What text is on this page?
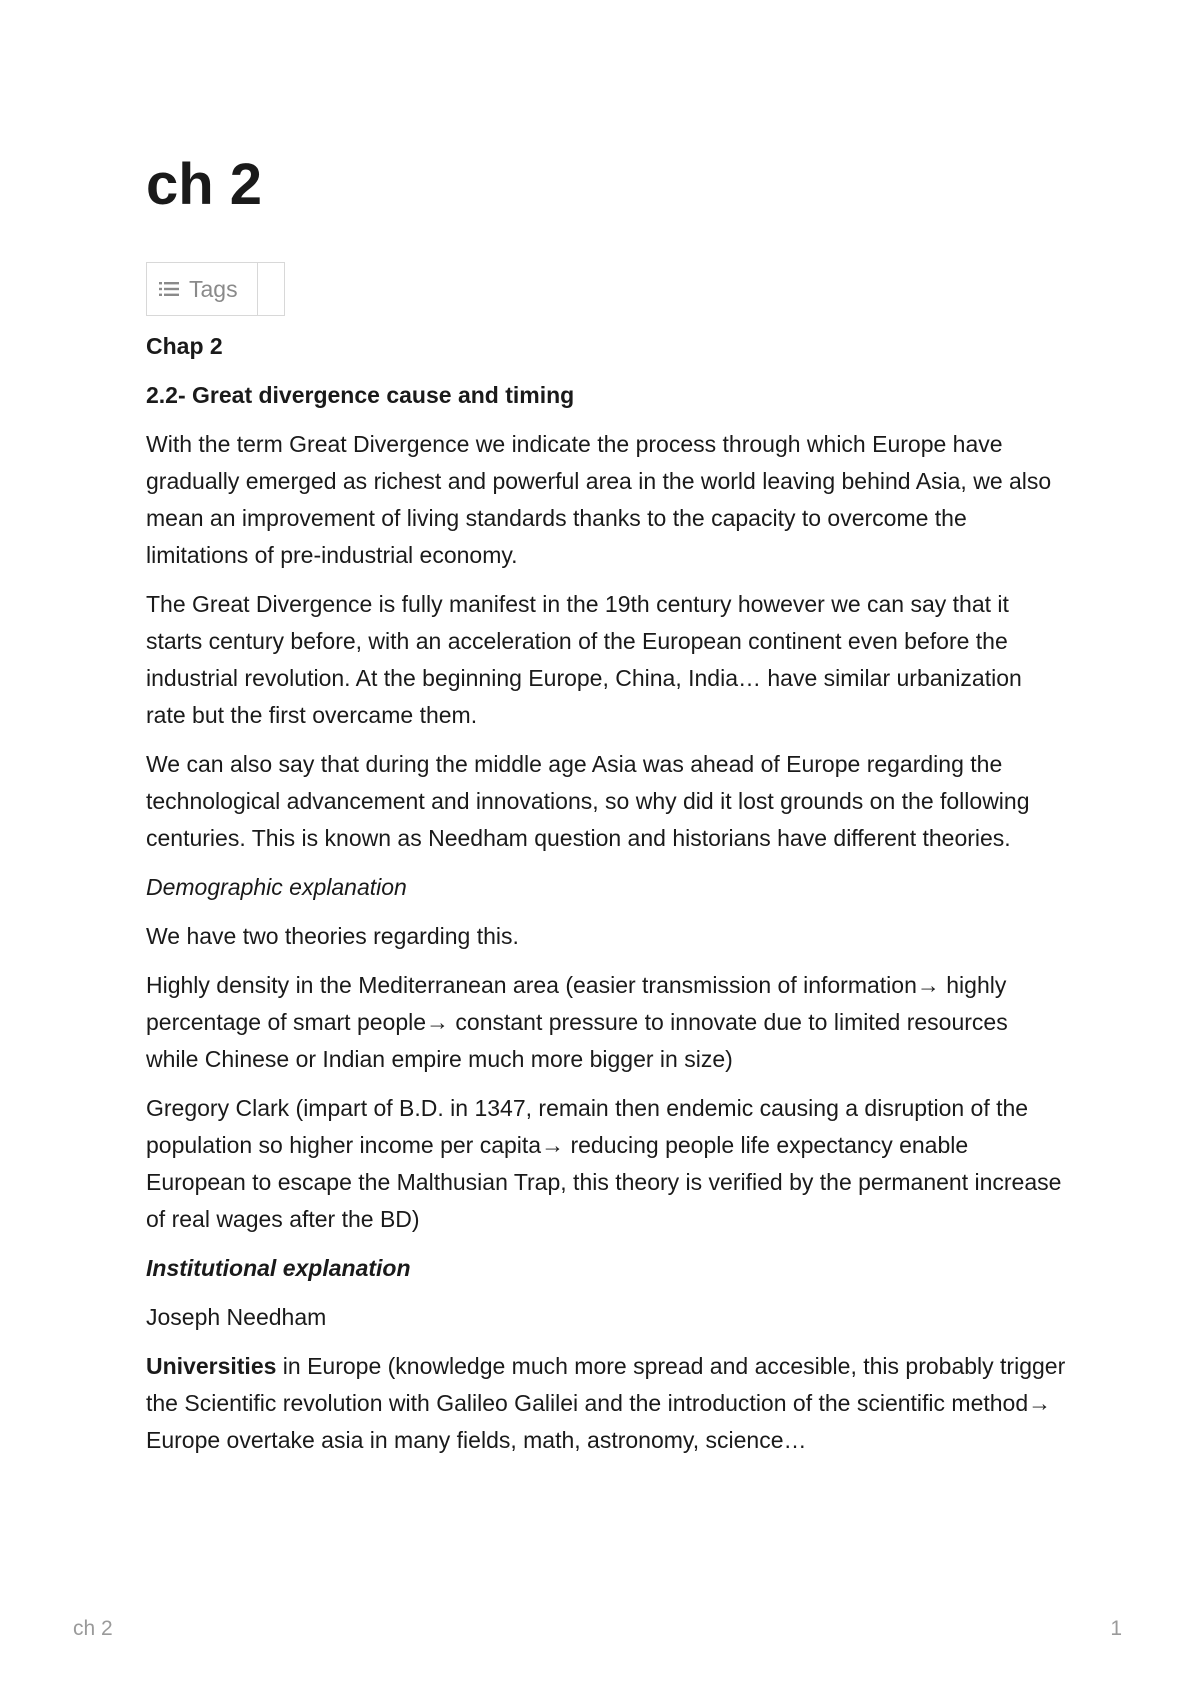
ch 2
Tags

Chap 2

2.2- Great divergence cause and timing

With the term Great Divergence we indicate the process through which Europe have gradually emerged as richest and powerful area in the world leaving behind Asia, we also mean an improvement of living standards thanks to the capacity to overcome the limitations of pre-industrial economy.

The Great Divergence is fully manifest in the 19th century however we can say that it starts century before, with an acceleration of the European continent even before the industrial revolution. At the beginning Europe, China, India… have similar urbanization rate but the first overcame them.

We can also say that during the middle age Asia was ahead of Europe regarding the technological advancement and innovations, so why did it lost grounds on the following centuries. This is known as Needham question and historians have different theories.

Demographic explanation

We have two theories regarding this.

Highly density in the Mediterranean area (easier transmission of information→ highly percentage of smart people→ constant pressure to innovate due to limited resources while Chinese or Indian empire much more bigger in size)

Gregory Clark (impart of B.D. in 1347, remain then endemic causing a disruption of the population so higher income per capita→ reducing people life expectancy enable European to escape the Malthusian Trap, this theory is verified by the permanent increase of real wages after the BD)

Institutional explanation

Joseph Needham

Universities in Europe (knowledge much more spread and accesible, this probably trigger the Scientific revolution with Galileo Galilei and the introduction of the scientific method→ Europe overtake asia in many fields, math, astronomy, science…

ch 2	1
